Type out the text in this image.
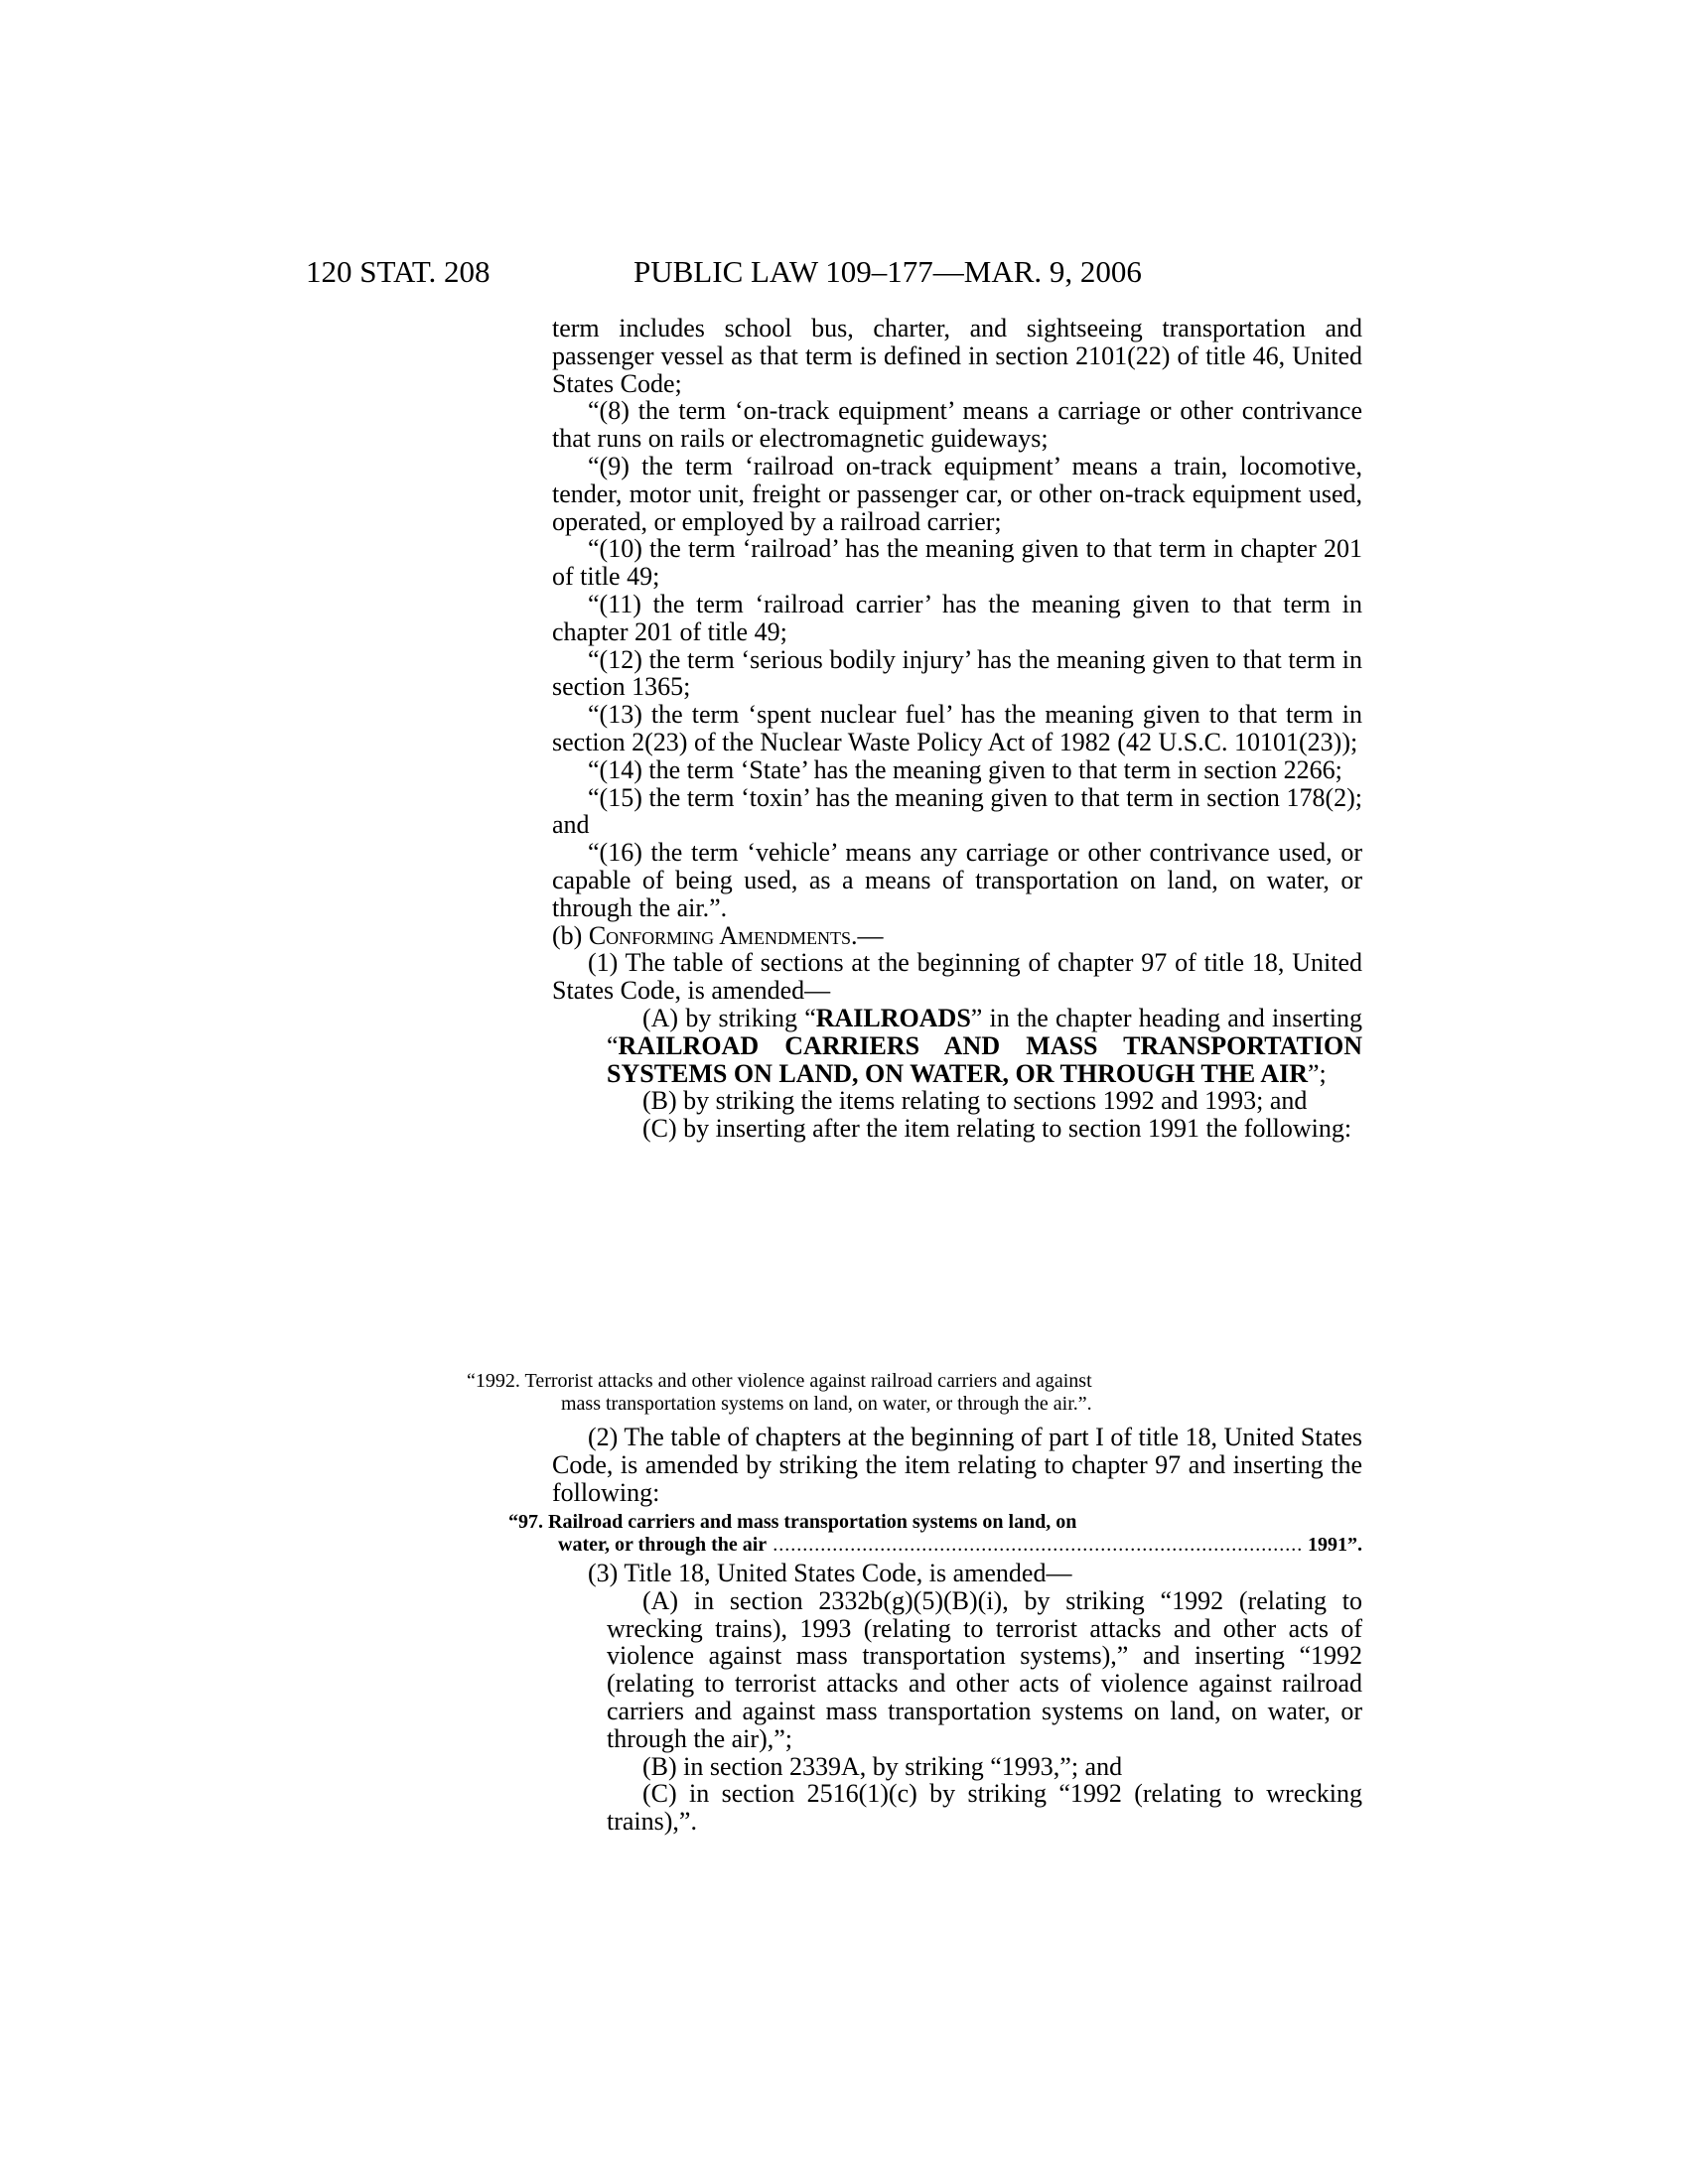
120 STAT. 208	PUBLIC LAW 109–177—MAR. 9, 2006

term includes school bus, charter, and sightseeing transportation and passenger vessel as that term is defined in section 2101(22) of title 46, United States Code;

“(8) the term ‘on-track equipment’ means a carriage or other contrivance that runs on rails or electromagnetic guideways;

“(9) the term ‘railroad on-track equipment’ means a train, locomotive, tender, motor unit, freight or passenger car, or other on-track equipment used, operated, or employed by a railroad carrier;

“(10) the term ‘railroad’ has the meaning given to that term in chapter 201 of title 49;

“(11) the term ‘railroad carrier’ has the meaning given to that term in chapter 201 of title 49;

“(12) the term ‘serious bodily injury’ has the meaning given to that term in section 1365;

“(13) the term ‘spent nuclear fuel’ has the meaning given to that term in section 2(23) of the Nuclear Waste Policy Act of 1982 (42 U.S.C. 10101(23));

“(14) the term ‘State’ has the meaning given to that term in section 2266;

“(15) the term ‘toxin’ has the meaning given to that term in section 178(2); and

“(16) the term ‘vehicle’ means any carriage or other contrivance used, or capable of being used, as a means of transportation on land, on water, or through the air.”.

(b) Conforming Amendments.—

(1) The table of sections at the beginning of chapter 97 of title 18, United States Code, is amended—

(A) by striking “RAILROADS” in the chapter heading and inserting “RAILROAD CARRIERS AND MASS TRANSPORTATION SYSTEMS ON LAND, ON WATER, OR THROUGH THE AIR”;

(B) by striking the items relating to sections 1992 and 1993; and

(C) by inserting after the item relating to section 1991 the following:

“1992. Terrorist attacks and other violence against railroad carriers and against
mass transportation systems on land, on water, or through the air.”.

(2) The table of chapters at the beginning of part I of title 18, United States Code, is amended by striking the item relating to chapter 97 and inserting the following:

“97. Railroad carriers and mass transportation systems on land, on
water, or through the air
.....	1991”.

(3) Title 18, United States Code, is amended—

(A) in section 2332b(g)(5)(B)(i), by striking “1992 (relating to wrecking trains), 1993 (relating to terrorist attacks and other acts of violence against mass transportation systems),” and inserting “1992 (relating to terrorist attacks and other acts of violence against railroad carriers and against mass transportation systems on land, on water, or through the air),”;

(B) in section 2339A, by striking “1993,”; and

(C) in section 2516(1)(c) by striking “1992 (relating to wrecking trains),”.
